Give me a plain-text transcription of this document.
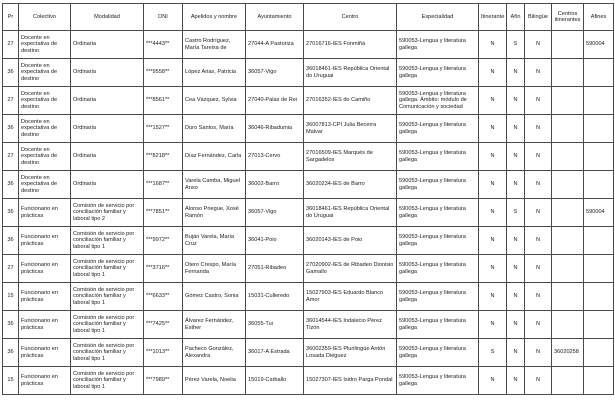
Pr	Colectivo	Modalidad	DNI	Apelidos y nombre	Ayuntamiento	Centro	Especialidad	Itinerante	Afín	Bilingüe	Centros itinerantes	Afines
27	Docente en expectativa de destino	Ordinaria	***4443**	Castro Rodríguez, María Tareixa de	27044-A Pastoriza	27016716-IES Fonmiñá	590053-Lengua y literatura gallega	N	S	N		590004
36	Docente en expectativa de destino	Ordinaria	***9558**	López Arias, Patricia	36057-Vigo	36018461-IES República Oriental do Uruguai	590053-Lengua y literatura gallega	N	N	N		
27	Docente en expectativa de destino	Ordinaria	***8561**	Cea Vázquez, Sylvia	27040-Palas de Rei	27016352-IES do Camiño	590053-Lengua y literatura gallega. Ámbito: módulo de Comunicación y sociedad	N	N	N		
36	Docente en expectativa de destino	Ordinaria	***1527**	Duro Santos, María	36046-Ribadumia	36007813-CPI Julia Becerra Malvar	590053-Lengua y literatura gallega	N	N	N		
27	Docente en expectativa de destino	Ordinaria	***8218**	Díaz Fernández, Carla	27013-Cervo	27016509-IES Marqués de Sargadelos	590053-Lengua y literatura gallega	N	N	N		
36	Docente en expectativa de destino	Ordinaria	***1687**	Varela Camba, Miguel Anxo	36002-Barro	36020234-IES de Barro	590053-Lengua y literatura gallega	N	N	N		
36	Funcionario en prácticas	Comisión de servicio por conciliación familiar y laboral tipo 2	***7851**	Alonso Priegue, Xosé Ramón	36057-Vigo	36018461-IES República Oriental do Uruguai	590053-Lengua y literatura gallega	N	S	N		590004
36	Funcionario en prácticas	Comisión de servicio por conciliación familiar y laboral tipo 1	***9972**	Buján Varela, María Cruz	36041-Poio	36020143-IES de Poio	590053-Lengua y literatura gallega	N	N	N		
27	Funcionario en prácticas	Comisión de servicio por conciliación familiar y laboral tipo 1	***3716**	Otero Crespo, María Fernanda	27051-Ribadeo	27020902-IES de Ribadeo Dionisio Gamallo	590053-Lengua y literatura gallega	N	N	N		
15	Funcionario en prácticas	Comisión de servicio por conciliación familiar y laboral tipo 1	***6633**	Gómez Castro, Sonia	15031-Culleredo	15027903-IES Eduardo Blanco Amor	590053-Lengua y literatura gallega	N	N	N		
36	Funcionario en prácticas	Comisión de servicio por conciliación familiar y laboral tipo 1	***7425**	Álvarez Fernández, Esther	36055-Tui	36014544-IES Indalecio Pérez Tizón	590053-Lengua y literatura gallega	N	N	N		
36	Funcionario en prácticas	Comisión de servicio por conciliación familiar y laboral tipo 1	***1013**	Pacheco González, Alexandra	36017-A Estrada	36002359-IES Plurilingüe Antón Losada Diéguez	590053-Lengua y literatura gallega	S	N	N	36020258	
15	Funcionario en prácticas	Comisión de servicio por conciliación familiar y laboral tipo 1	***7989**	Pérez Varela, Noelia	15019-Carballo	15027307-IES Isidro Parga Pondal	590053-Lengua y literatura gallega	N	N	N		
